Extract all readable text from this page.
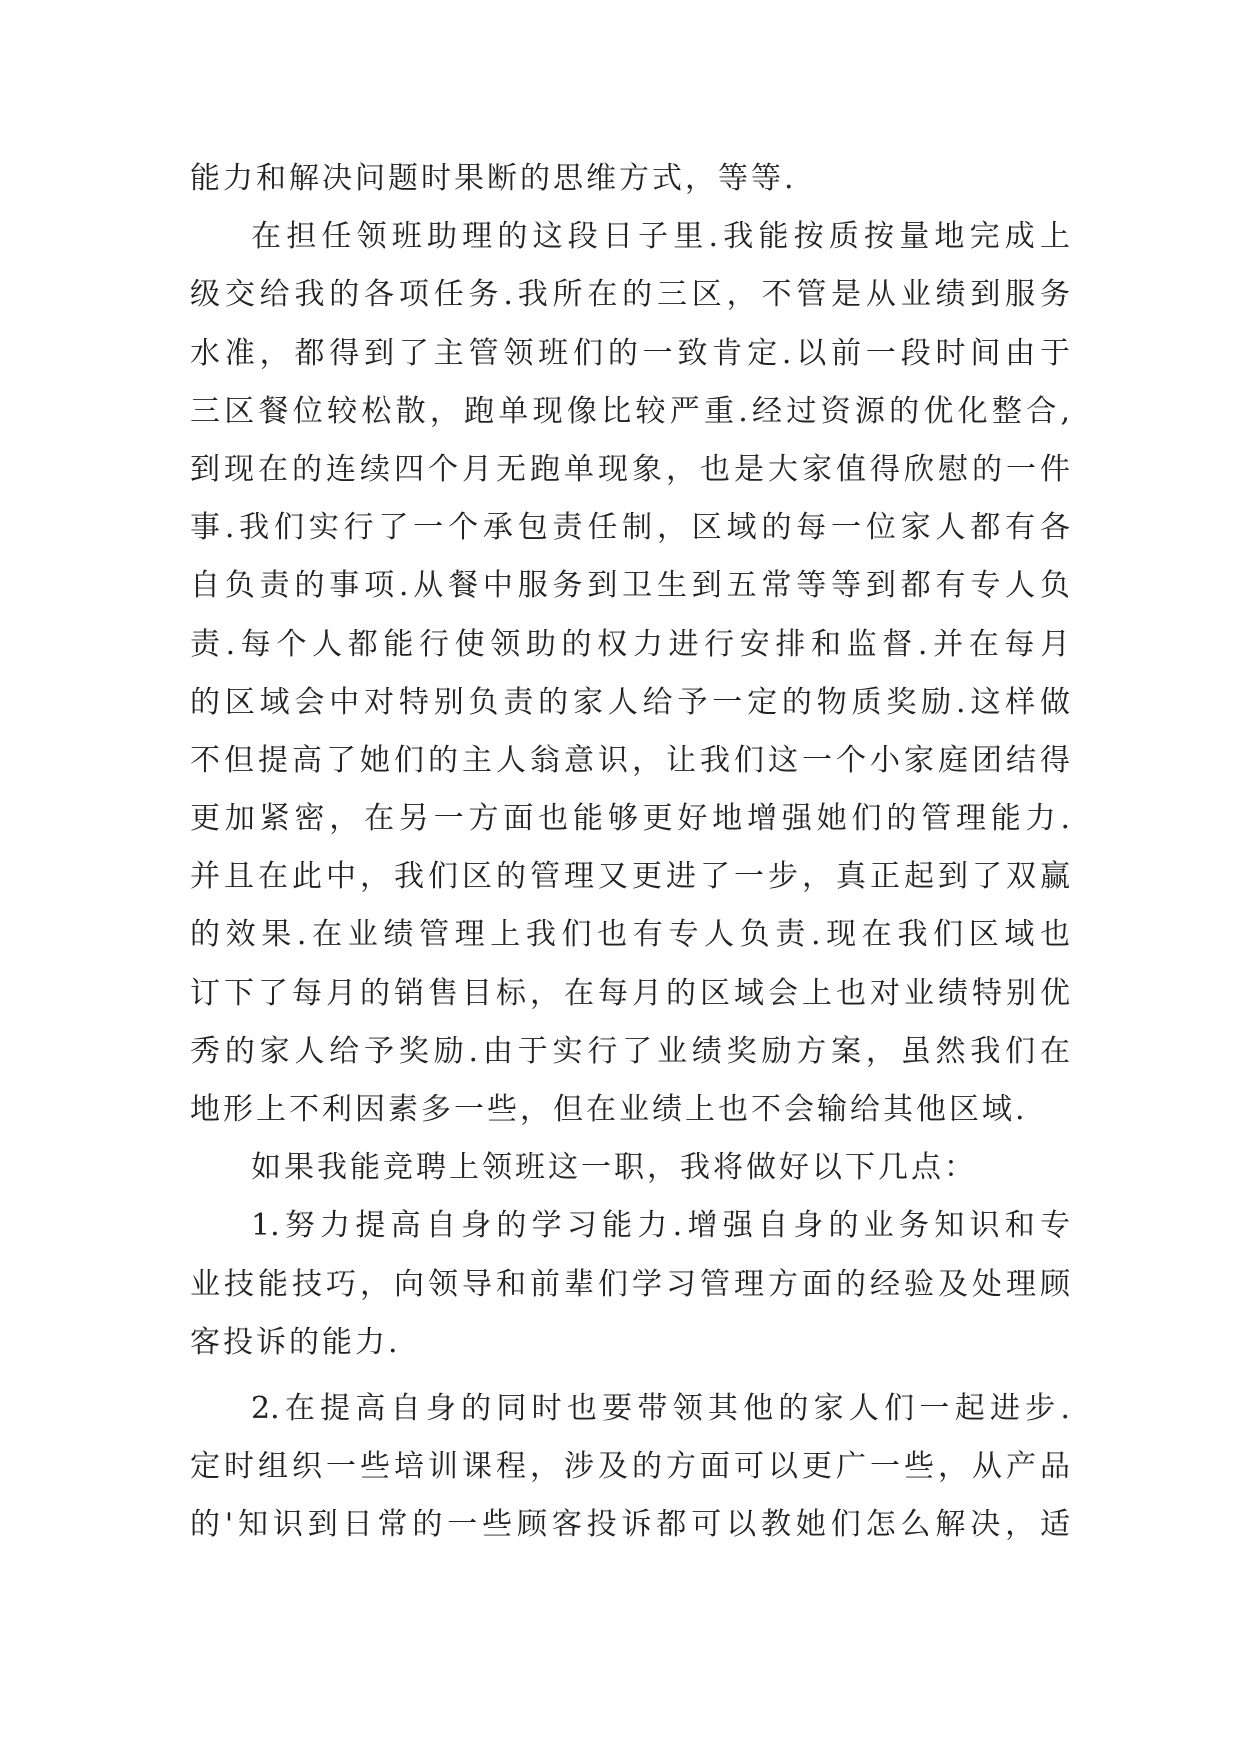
能力和解决问题时果断的思维方式，等等.
在担任领班助理的这段日子里.我能按质按量地完成上
级交给我的各项任务.我所在的三区，不管是从业绩到服务
水准，都得到了主管领班们的一致肯定.以前一段时间由于
三区餐位较松散，跑单现像比较严重.经过资源的优化整合,
到现在的连续四个月无跑单现象，也是大家值得欣慰的一件
事.我们实行了一个承包责任制，区域的每一位家人都有各
自负责的事项.从餐中服务到卫生到五常等等到都有专人负
责.每个人都能行使领助的权力进行安排和监督.并在每月
的区域会中对特别负责的家人给予一定的物质奖励.这样做
不但提高了她们的主人翁意识，让我们这一个小家庭团结得
更加紧密，在另一方面也能够更好地增强她们的管理能力.
并且在此中，我们区的管理又更进了一步，真正起到了双赢
的效果.在业绩管理上我们也有专人负责.现在我们区域也
订下了每月的销售目标，在每月的区域会上也对业绩特别优
秀的家人给予奖励.由于实行了业绩奖励方案，虽然我们在
地形上不利因素多一些，但在业绩上也不会输给其他区域.
如果我能竞聘上领班这一职，我将做好以下几点：
1.努力提高自身的学习能力.增强自身的业务知识和专
业技能技巧，向领导和前辈们学习管理方面的经验及处理顾
客投诉的能力.
2.在提高自身的同时也要带领其他的家人们一起进步.
定时组织一些培训课程，涉及的方面可以更广一些，从产品
的'知识到日常的一些顾客投诉都可以教她们怎么解决，适
